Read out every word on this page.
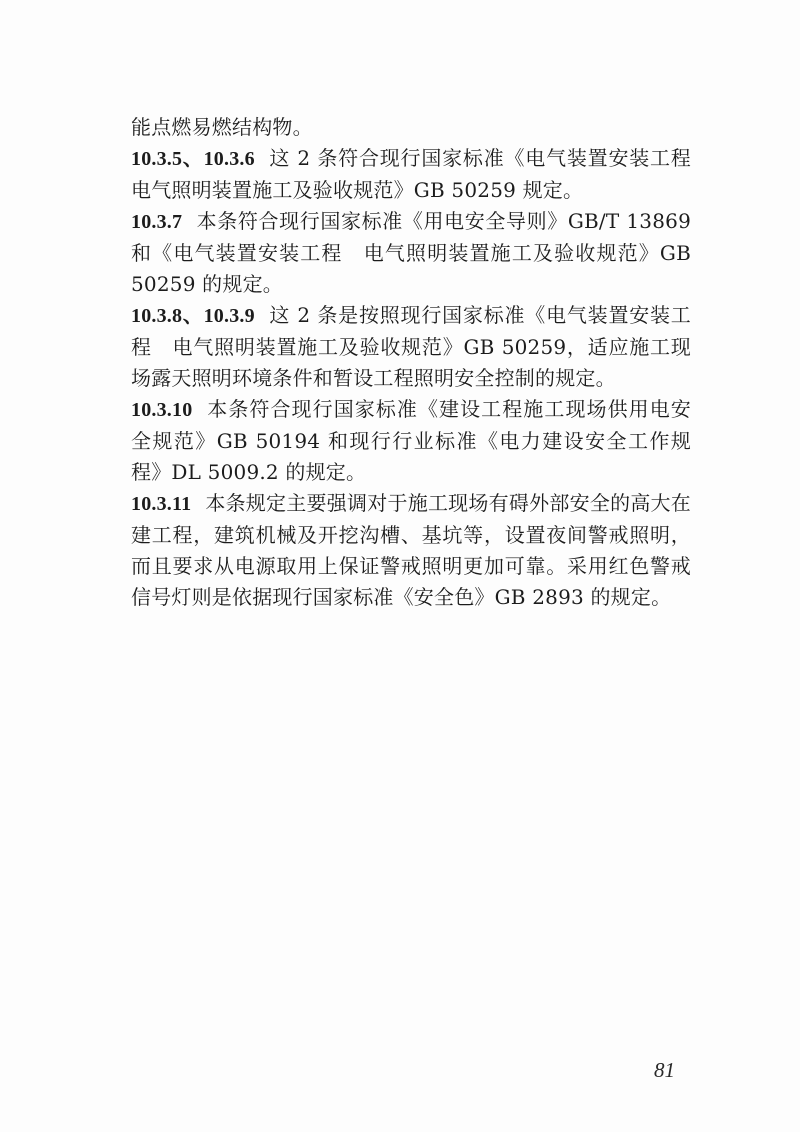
能点燃易燃结构物。

10.3.5、10.3.6 这 2 条符合现行国家标准《电气装置安装工程 电气照明装置施工及验收规范》GB 50259 规定。

10.3.7 本条符合现行国家标准《用电安全导则》GB/T 13869 和《电气装置安装工程　电气照明装置施工及验收规范》GB 50259 的规定。

10.3.8、10.3.9 这 2 条是按照现行国家标准《电气装置安装工程　电气照明装置施工及验收规范》GB 50259，适应施工现场露天照明环境条件和暂设工程照明安全控制的规定。

10.3.10 本条符合现行国家标准《建设工程施工现场供用电安全规范》GB 50194 和现行行业标准《电力建设安全工作规程》DL 5009.2 的规定。

10.3.11 本条规定主要强调对于施工现场有碍外部安全的高大在建工程，建筑机械及开挖沟槽、基坑等，设置夜间警戒照明，而且要求从电源取用上保证警戒照明更加可靠。采用红色警戒信号灯则是依据现行国家标准《安全色》GB 2893 的规定。

81
